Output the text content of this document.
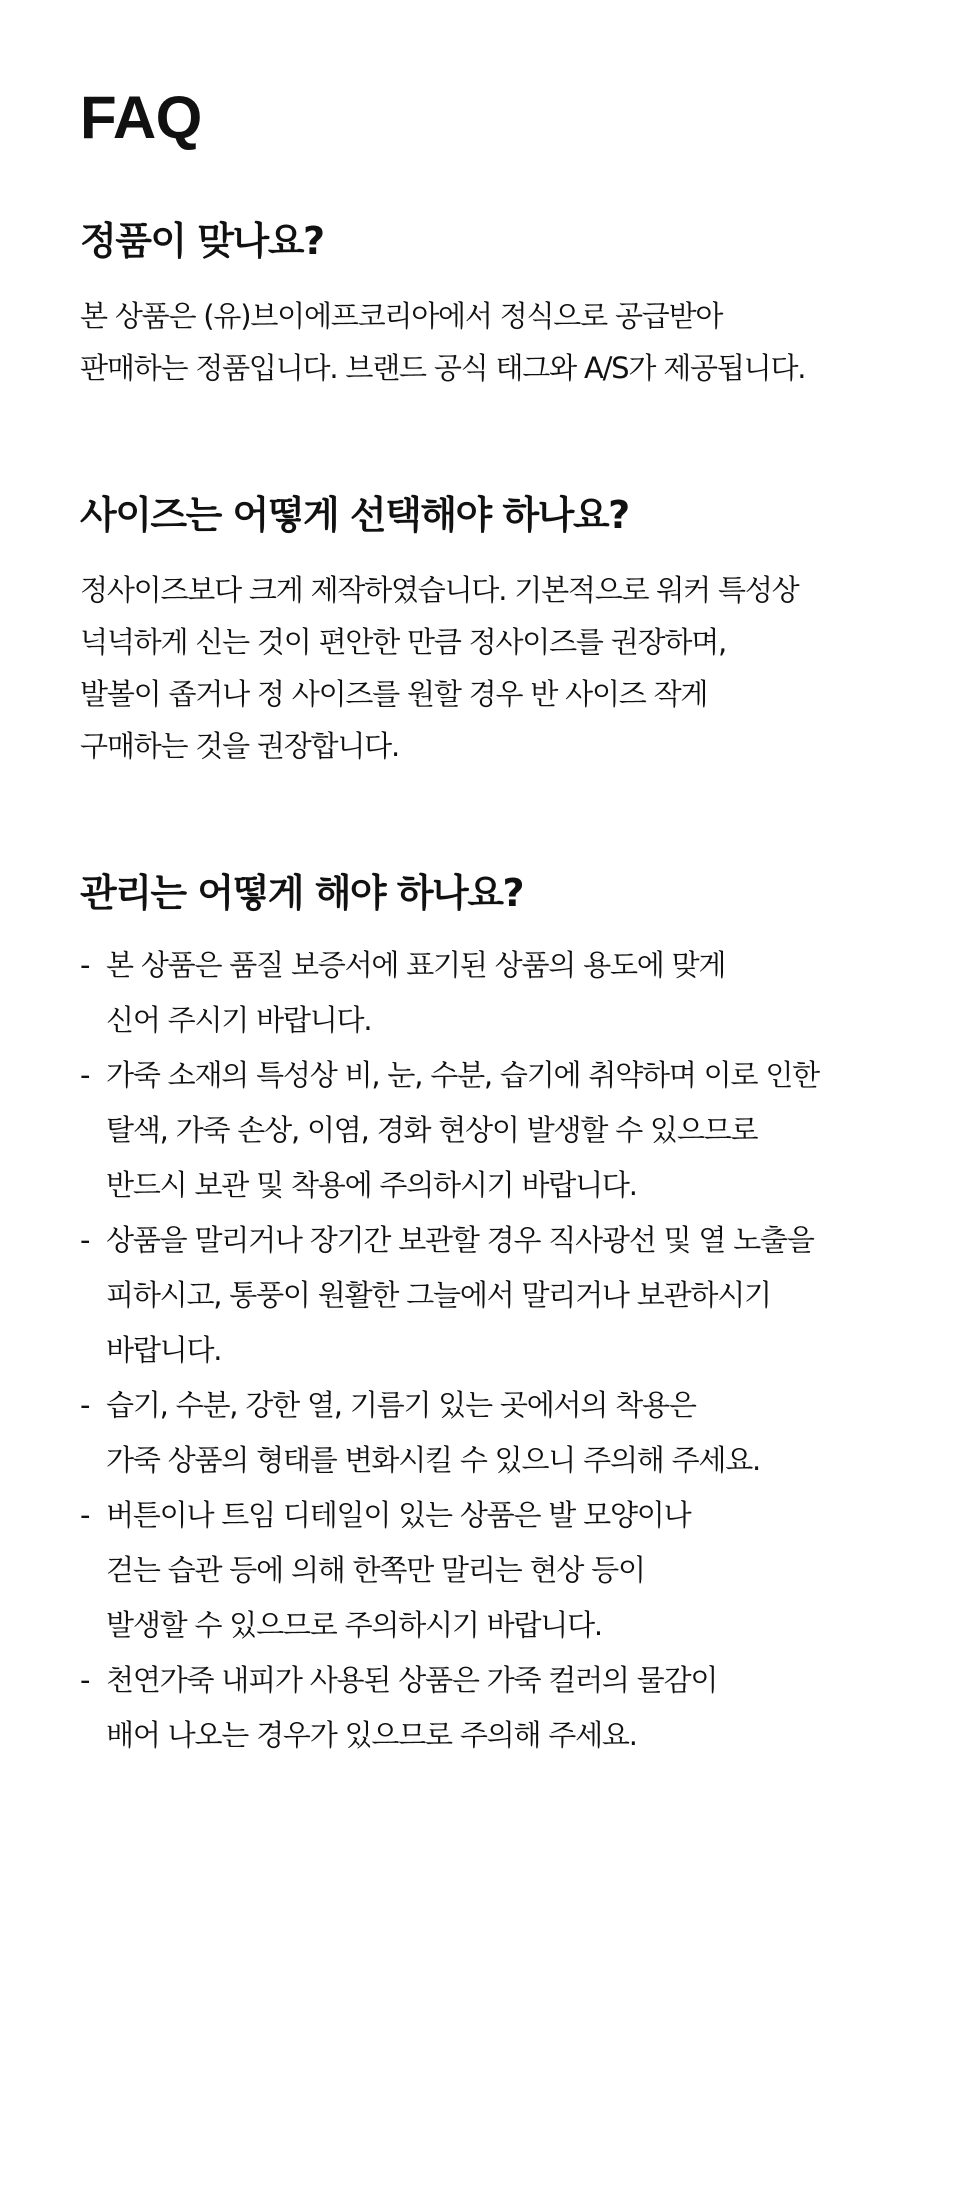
FAQ
정품이 맞나요?

본 상품은 (유)브이에프코리아에서 정식으로 공급받아
판매하는 정품입니다. 브랜드 공식 태그와 A/S가 제공됩니다.

사이즈는 어떻게 선택해야 하나요?

정사이즈보다 크게 제작하였습니다. 기본적으로 워커 특성상
넉넉하게 신는 것이 편안한 만큼 정사이즈를 권장하며,
발볼이 좁거나 정 사이즈를 원할 경우 반 사이즈 작게
구매하는 것을 권장합니다.

관리는 어떻게 해야 하나요?
- 본 상품은 품질 보증서에 표기된 상품의 용도에 맞게
신어 주시기 바랍니다.
- 가죽 소재의 특성상 비, 눈, 수분, 습기에 취약하며 이로 인한
탈색, 가죽 손상, 이염, 경화 현상이 발생할 수 있으므로
반드시 보관 및 착용에 주의하시기 바랍니다.
- 상품을 말리거나 장기간 보관할 경우 직사광선 및 열 노출을
피하시고, 통풍이 원활한 그늘에서 말리거나 보관하시기
바랍니다.
- 습기, 수분, 강한 열, 기름기 있는 곳에서의 착용은
가죽 상품의 형태를 변화시킬 수 있으니 주의해 주세요.
- 버튼이나 트임 디테일이 있는 상품은 발 모양이나
걷는 습관 등에 의해 한쪽만 말리는 현상 등이
발생할 수 있으므로 주의하시기 바랍니다.
- 천연가죽 내피가 사용된 상품은 가죽 컬러의 물감이
배어 나오는 경우가 있으므로 주의해 주세요.
